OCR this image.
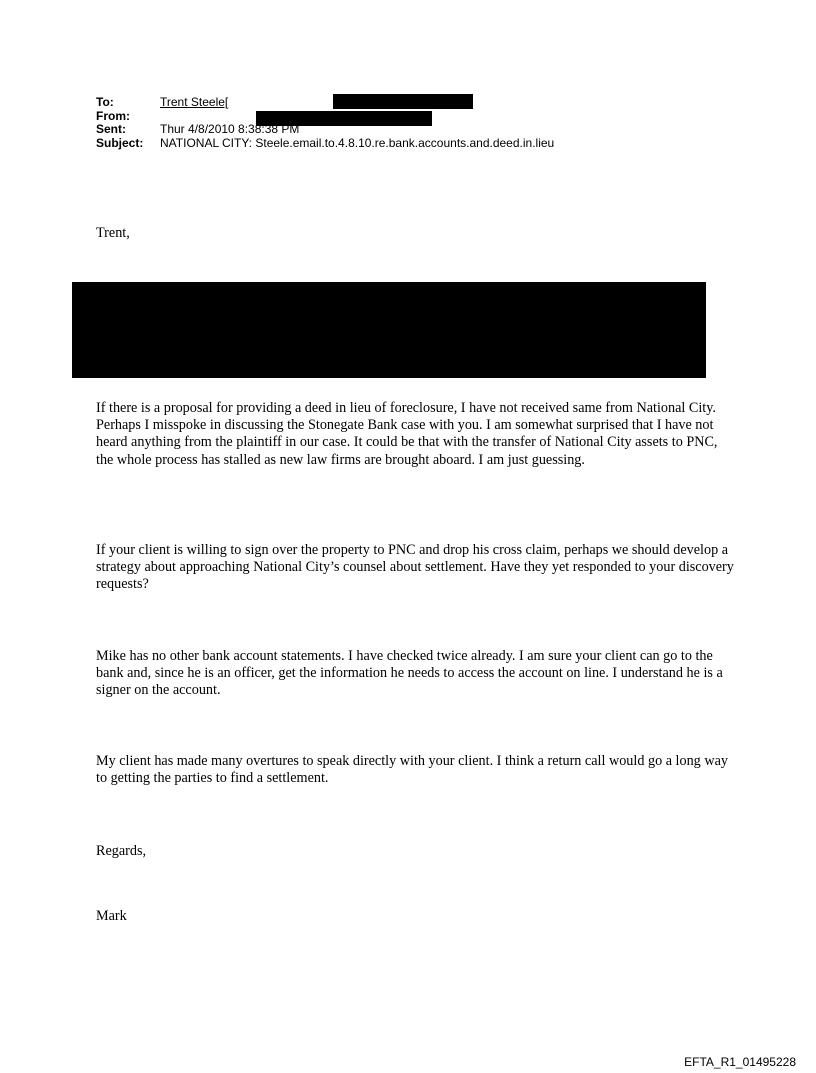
To:	Trent Steele[
From:
Sent:	Thur 4/8/2010 8:38:38 PM
Subject: NATIONAL CITY: Steele.email.to.4.8.10.re.bank.accounts.and.deed.in.lieu

Trent,

If there is a proposal for providing a deed in lieu of foreclosure, I have not received same from National City. Perhaps I misspoke in discussing the Stonegate Bank case with you. I am somewhat surprised that I have not heard anything from the plaintiff in our case. It could be that with the transfer of National City assets to PNC, the whole process has stalled as new law firms are brought aboard. I am just guessing.

If your client is willing to sign over the property to PNC and drop his cross claim, perhaps we should develop a strategy about approaching National City’s counsel about settlement. Have they yet responded to your discovery requests?

Mike has no other bank account statements. I have checked twice already. I am sure your client can go to the bank and, since he is an officer, get the information he needs to access the account on line. I understand he is a signer on the account.

My client has made many overtures to speak directly with your client. I think a return call would go a long way to getting the parties to find a settlement.

Regards,

Mark

EFTA_R1_01495228
